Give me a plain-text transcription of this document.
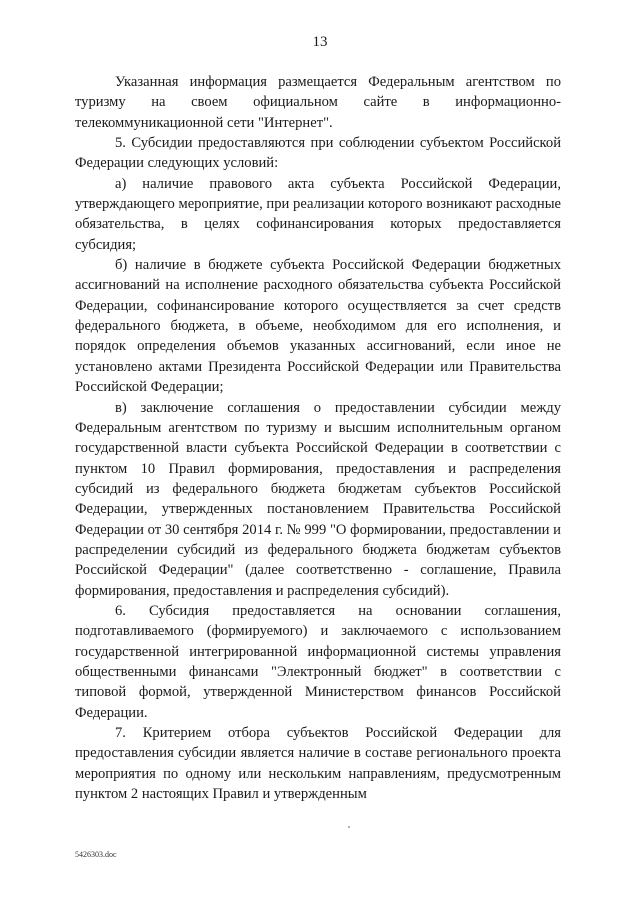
13

Указанная информация размещается Федеральным агентством по туризму на своем официальном сайте в информационно-телекоммуникационной сети "Интернет".

5. Субсидии предоставляются при соблюдении субъектом Российской Федерации следующих условий:

а) наличие правового акта субъекта Российской Федерации, утверждающего мероприятие, при реализации которого возникают расходные обязательства, в целях софинансирования которых предоставляется субсидия;

б) наличие в бюджете субъекта Российской Федерации бюджетных ассигнований на исполнение расходного обязательства субъекта Российской Федерации, софинансирование которого осуществляется за счет средств федерального бюджета, в объеме, необходимом для его исполнения, и порядок определения объемов указанных ассигнований, если иное не установлено актами Президента Российской Федерации или Правительства Российской Федерации;

в) заключение соглашения о предоставлении субсидии между Федеральным агентством по туризму и высшим исполнительным органом государственной власти субъекта Российской Федерации в соответствии с пунктом 10 Правил формирования, предоставления и распределения субсидий из федерального бюджета бюджетам субъектов Российской Федерации, утвержденных постановлением Правительства Российской Федерации от 30 сентября 2014 г. № 999 "О формировании, предоставлении и распределении субсидий из федерального бюджета бюджетам субъектов Российской Федерации" (далее соответственно - соглашение, Правила формирования, предоставления и распределения субсидий).

6. Субсидия предоставляется на основании соглашения, подготавливаемого (формируемого) и заключаемого с использованием государственной интегрированной информационной системы управления общественными финансами "Электронный бюджет" в соответствии с типовой формой, утвержденной Министерством финансов Российской Федерации.

7. Критерием отбора субъектов Российской Федерации для предоставления субсидии является наличие в составе регионального проекта мероприятия по одному или нескольким направлениям, предусмотренным пунктом 2 настоящих Правил и утвержденным

5426303.doc
